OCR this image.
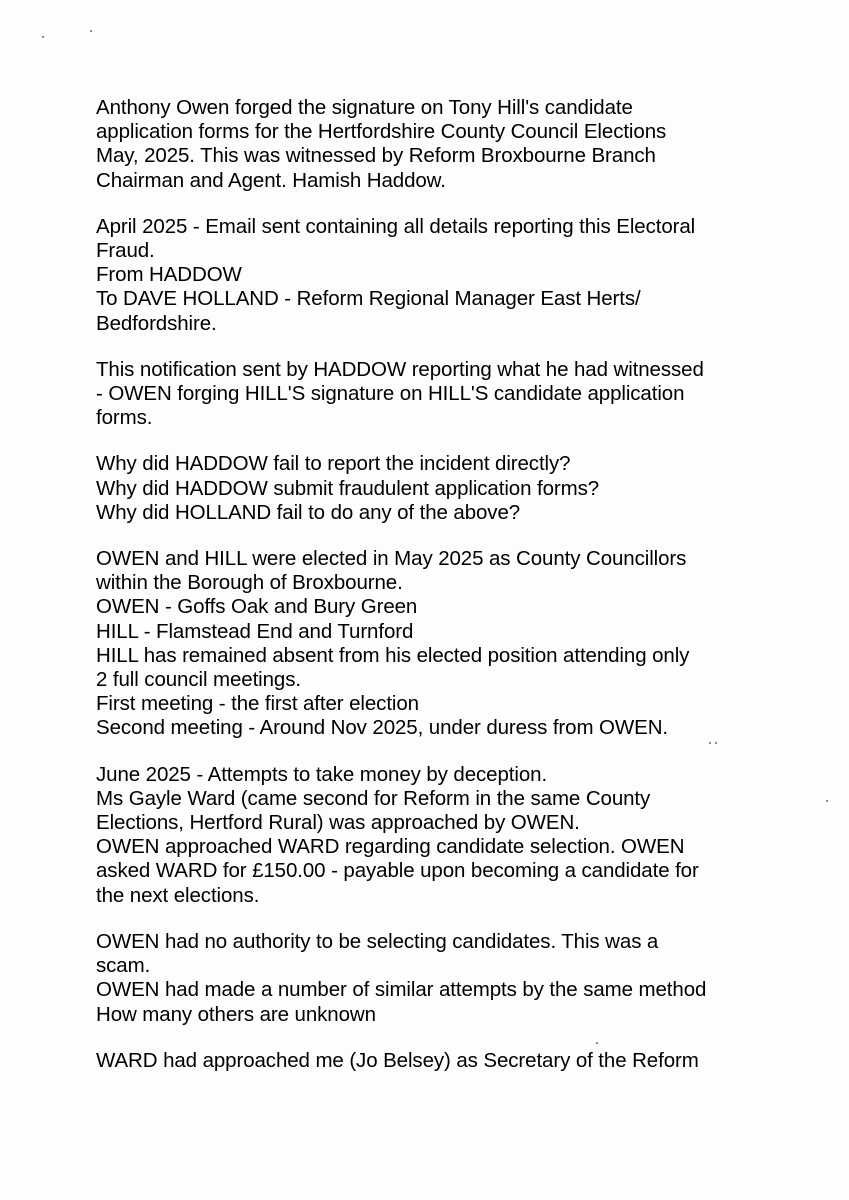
Anthony Owen forged the signature on Tony Hill's candidate
application forms for the Hertfordshire County Council Elections
May, 2025. This was witnessed by Reform Broxbourne Branch
Chairman and Agent. Hamish Haddow.
April 2025 - Email sent containing all details reporting this Electoral
Fraud.
From HADDOW
To DAVE HOLLAND - Reform Regional Manager East Herts/
Bedfordshire.
This notification sent by HADDOW reporting what he had witnessed
- OWEN forging HILL'S signature on HILL'S candidate application
forms.
Why did HADDOW fail to report the incident directly?
Why did HADDOW submit fraudulent application forms?
Why did HOLLAND fail to do any of the above?
OWEN and HILL were elected in May 2025 as County Councillors
within the Borough of Broxbourne.
OWEN - Goffs Oak and Bury Green
HILL - Flamstead End and Turnford
HILL has remained absent from his elected position attending only
2 full council meetings.
First meeting - the first after election
Second meeting - Around Nov 2025, under duress from OWEN.
June 2025 - Attempts to take money by deception.
Ms Gayle Ward (came second for Reform in the same County
Elections, Hertford Rural) was approached by OWEN.
OWEN approached WARD regarding candidate selection. OWEN
asked WARD for £150.00 - payable upon becoming a candidate for
the next elections.
OWEN had no authority to be selecting candidates. This was a
scam.
OWEN had made a number of similar attempts by the same method
How many others are unknown
WARD had approached me (Jo Belsey) as Secretary of the Reform
